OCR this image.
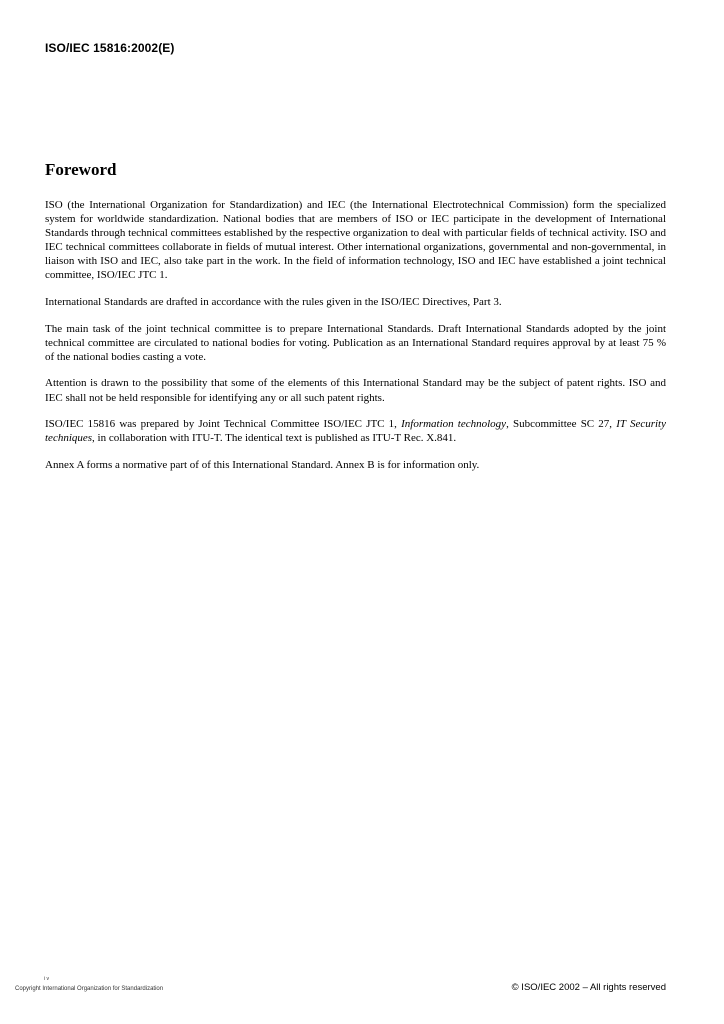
ISO/IEC 15816:2002(E)
Foreword

ISO (the International Organization for Standardization) and IEC (the International Electrotechnical Commission) form the specialized system for worldwide standardization. National bodies that are members of ISO or IEC participate in the development of International Standards through technical committees established by the respective organization to deal with particular fields of technical activity. ISO and IEC technical committees collaborate in fields of mutual interest. Other international organizations, governmental and non-governmental, in liaison with ISO and IEC, also take part in the work. In the field of information technology, ISO and IEC have established a joint technical committee, ISO/IEC JTC 1.

International Standards are drafted in accordance with the rules given in the ISO/IEC Directives, Part 3.

The main task of the joint technical committee is to prepare International Standards. Draft International Standards adopted by the joint technical committee are circulated to national bodies for voting. Publication as an International Standard requires approval by at least 75 % of the national bodies casting a vote.

Attention is drawn to the possibility that some of the elements of this International Standard may be the subject of patent rights. ISO and IEC shall not be held responsible for identifying any or all such patent rights.

ISO/IEC 15816 was prepared by Joint Technical Committee ISO/IEC JTC 1, Information technology, Subcommittee SC 27, IT Security techniques, in collaboration with ITU-T. The identical text is published as ITU-T Rec. X.841.

Annex A forms a normative part of of this International Standard. Annex B is for information only.

i v
Copyright International Organization for Standardization	© ISO/IEC 2002 – All rights reserved
